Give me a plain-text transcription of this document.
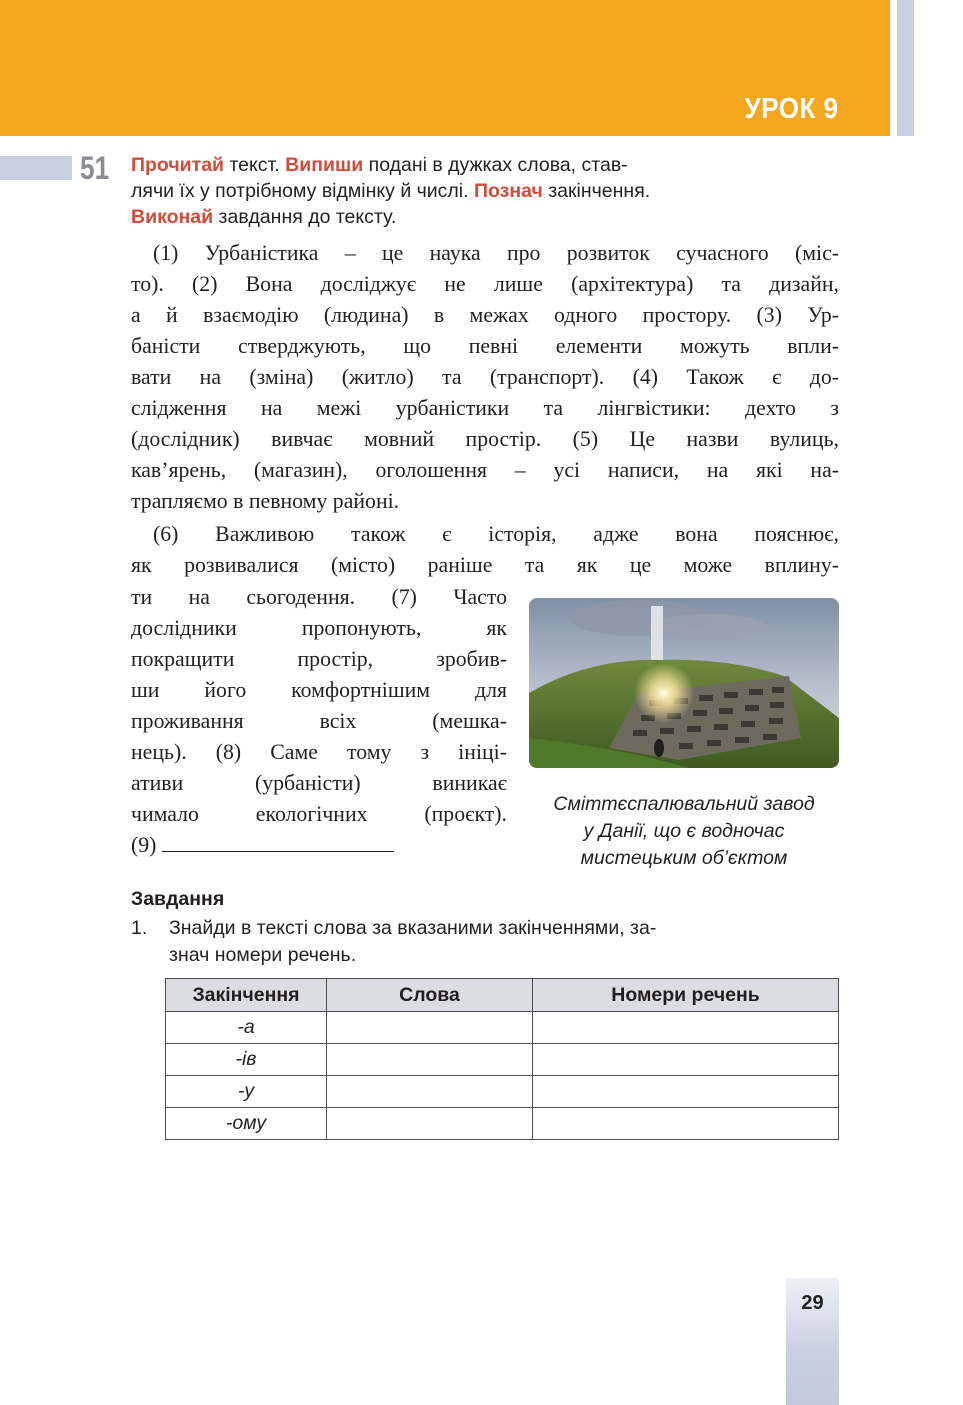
УРОК 9
51 Прочитай текст. Випиши подані в дужках слова, став-
лячи їх у потрібному відмінку й числі. Познач закінчення.
Виконай завдання до тексту.
(1) Урбаністика – це наука про розвиток сучасного (міс-
то). (2) Вона досліджує не лише (архітектура) та дизайн,
а й взаємодію (людина) в межах одного простору. (3) Ур-
баністи стверджують, що певні елементи можуть впли-
вати на (зміна) (житло) та (транспорт). (4) Також є до-
слідження на межі урбаністики та лінгвістики: дехто з
(дослідник) вивчає мовний простір. (5) Це назви вулиць,
кав’ярень, (магазин), оголошення – усі написи, на які на-
трапляємо в певному районі.
(6) Важливою також є історія, адже вона пояснює,
як розвивалися (місто) раніше та як це може вплину-
ти на сьогодення. (7) Часто
дослідники пропонують, як
покращити простір, зробив-
ши його комфортнішим для
проживання всіх (мешка-
нець). (8) Саме тому з ініці-
ативи (урбаністи) виникає
чимало екологічних (проєкт).
(9)
Сміттєспалювальний завод
у Данії, що є водночас
мистецьким об’єктом
Завдання
1. Знайди в тексті слова за вказаними закінченнями, за-
знач номери речень.
Закінчення	Слова	Номери речень
-а		
-ів		
-у		
-ому		
29
